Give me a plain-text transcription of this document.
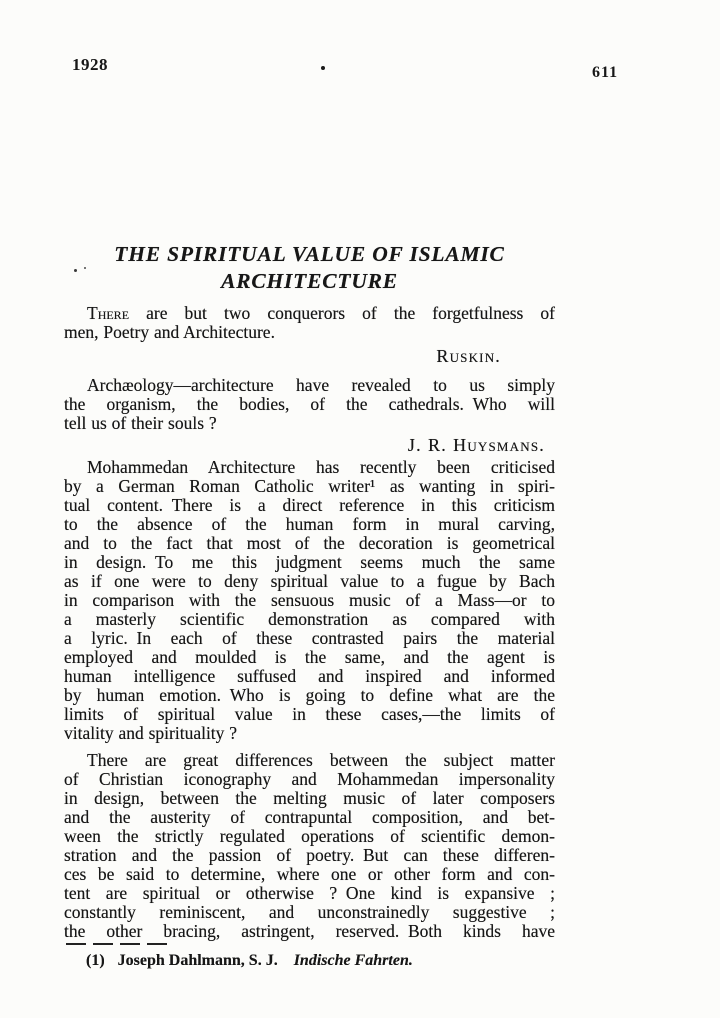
1928	611
THE SPIRITUAL VALUE OF ISLAMIC
ARCHITECTURE
There are but two conquerors of the forgetfulness of
men, Poetry and Architecture.
Ruskin.
Archæology—architecture have revealed to us simply
the organism, the bodies, of the cathedrals. Who will
tell us of their souls ?
J. R. Huysmans.
Mohammedan Architecture has recently been criticised
by a German Roman Catholic writer¹ as wanting in spiri-
tual content. There is a direct reference in this criticism
to the absence of the human form in mural carving,
and to the fact that most of the decoration is geometrical
in design. To me this judgment seems much the same
as if one were to deny spiritual value to a fugue by Bach
in comparison with the sensuous music of a Mass—or to
a masterly scientific demonstration as compared with
a lyric. In each of these contrasted pairs the material
employed and moulded is the same, and the agent is
human intelligence suffused and inspired and informed
by human emotion. Who is going to define what are the
limits of spiritual value in these cases,—the limits of
vitality and spirituality ?
There are great differences between the subject matter
of Christian iconography and Mohammedan impersonality
in design, between the melting music of later composers
and the austerity of contrapuntal composition, and bet-
ween the strictly regulated operations of scientific demon-
stration and the passion of poetry. But can these differen-
ces be said to determine, where one or other form and con-
tent are spiritual or otherwise ? One kind is expansive ;
constantly reminiscent, and unconstrainedly suggestive ;
the other bracing, astringent, reserved. Both kinds have
(1) Joseph Dahlmann, S. J. Indische Fahrten.
